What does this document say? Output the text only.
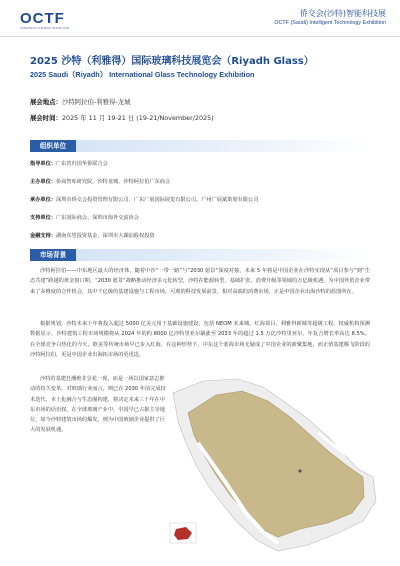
OCTF
OVERSEAS CHINESE TRADE FAIR
侨交会(沙特)智能科技展
OCTF (Saudi) Intelligent Technology Exhibition
2025 沙特（利雅得）国际玻璃科技展览会（Riyadh Glass）
2025 Saudi（Riyadh） International Glass Technology Exhibition
展会地点：沙特阿拉伯-利雅得-龙城
展会时间：2025 年 11 月 19-21 日 (19-21/November/2025)
组织单位
指导单位：广东省归国华侨联合会
主办单位：侨商智库研究院、沙特龙城、沙特阿拉伯广东商会
承办单位：深圳市侨交会投资管理有限公司、广东广展国际展览有限公司、广州广展斌策划有限公司
支持单位：广东国际商会、深圳市海外交流协会
金融支持：湖南东望投资基金、深圳市大湖汕股权投资
市场背景
沙特阿拉伯——中东地区最大的经济体，随着中沙“一带一路”与“2030 愿景”深度对接，未来 5 年将是中国企业在沙特实现从“项目参与”到“生态共建”跨越的黄金窗口期。“2030 愿景”战略推动经济多元化转型，沙特在能源转型、基础扩张、消费升级等领域的万亿级机遇，为中国外贸企业带来了多维度的合作机会，其中千亿级的基建设施与工程市场，可观的科技发展前景，相对高端的消费市场，正是中国企业出海沙特的蓝图所在。
根据规划，沙特未来十年将投入超过 5000 亿美元用于基础设施建设，包括 NEOM 未来城、红海项目，利雅得新城等超级工程。权威机构预测数据显示，沙特建筑工程市场规模将从 2024 年的约 8000 亿沙特里亚尔飙涨至 2033 年的超过 1.5 万亿沙特里亚尔，年复合增长率高达 8.5%。在全球竞争白热化的今天，欧美等传统市场早已步入红海，在这种形势下，中东这个蓝海市场无疑成了中国企业的新聚集地，而正值基建腾飞阶段的沙特阿拉伯，更是中国企业出海拓市场的更优选。
沙特的基建狂潮绝非昙花一现，而是一场以国家意志推动的持久变革。对玻璃行业而言，则已在 2030 年前完成技术迭代、本土化融合与生态圈构建，将决定未来三十年在中东市场的话语权。在全球玻璃产业中，中国早已占据主导地位，如今沙特建筑市场的爆发，则为中国玻璃企业提供了巨大的发展机遇。
